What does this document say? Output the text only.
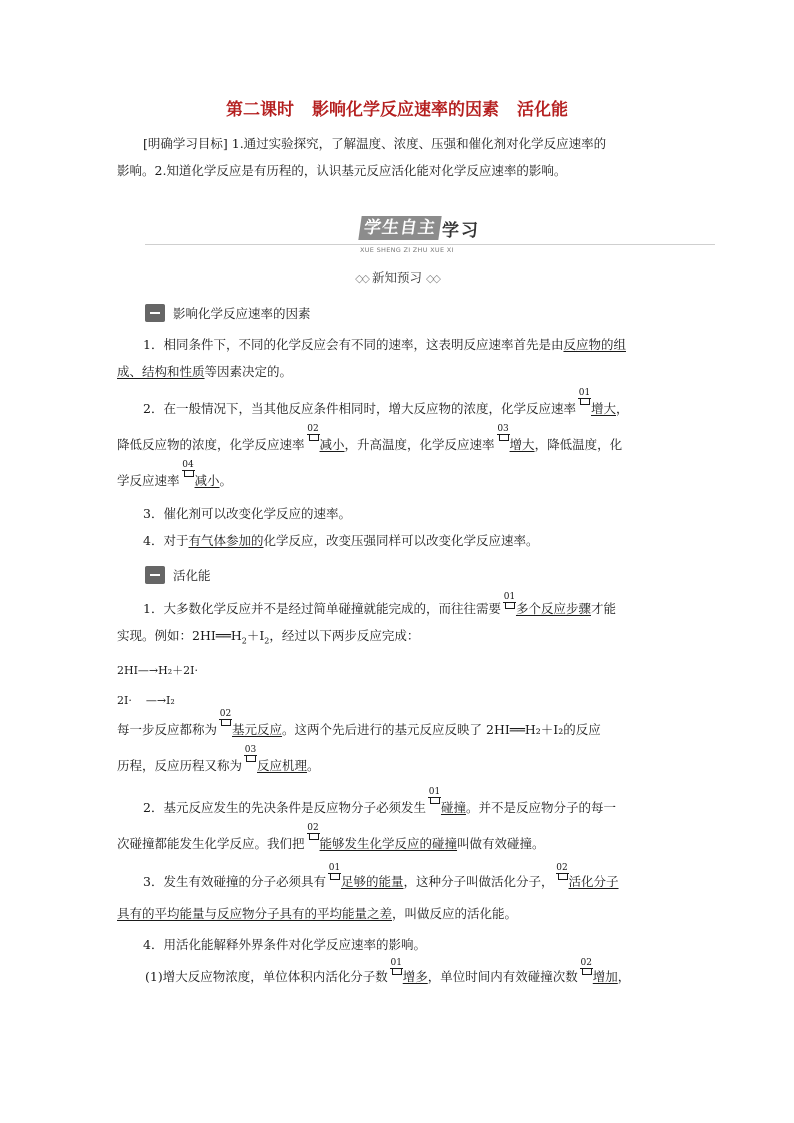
第二课时 影响化学反应速率的因素 活化能
[明确学习目标] 1.通过实验探究，了解温度、浓度、压强和催化剂对化学反应速率的
影响。2.知道化学反应是有历程的，认识基元反应活化能对化学反应速率的影响。
学生自主 学习
XUE SHENG ZI ZHU XUE XI
◇◇ 新知预习 ◇◇
影响化学反应速率的因素
1．相同条件下，不同的化学反应会有不同的速率，这表明反应速率首先是由反应物的组
成、结构和性质等因素决定的。
2．在一般情况下，当其他反应条件相同时，增大反应物的浓度，化学反应速率01增大，
降低反应物的浓度，化学反应速率02减小，升高温度，化学反应速率03增大，降低温度，化
学反应速率04减小。
3．催化剂可以改变化学反应的速率。
4．对于有气体参加的化学反应，改变压强同样可以改变化学反应速率。
活化能
1．大多数化学反应并不是经过简单碰撞就能完成的，而往往需要01多个反应步骤才能
实现。例如：$2HI══H_2+I_2$，经过以下两步反应完成：
2HI—→H₂＋2I·
2I·    —→I₂
每一步反应都称为02基元反应。这两个先后进行的基元反应反映了 2HI══H₂＋I₂的反应
历程，反应历程又称为03反应机理。
2．基元反应发生的先决条件是反应物分子必须发生01碰撞。并不是反应物分子的每一
次碰撞都能发生化学反应。我们把02能够发生化学反应的碰撞叫做有效碰撞。
3．发生有效碰撞的分子必须具有01足够的能量，这种分子叫做活化分子，02活化分子
具有的平均能量与反应物分子具有的平均能量之差，叫做反应的活化能。
4．用活化能解释外界条件对化学反应速率的影响。
(1)增大反应物浓度，单位体积内活化分子数01增多，单位时间内有效碰撞次数02增加，
